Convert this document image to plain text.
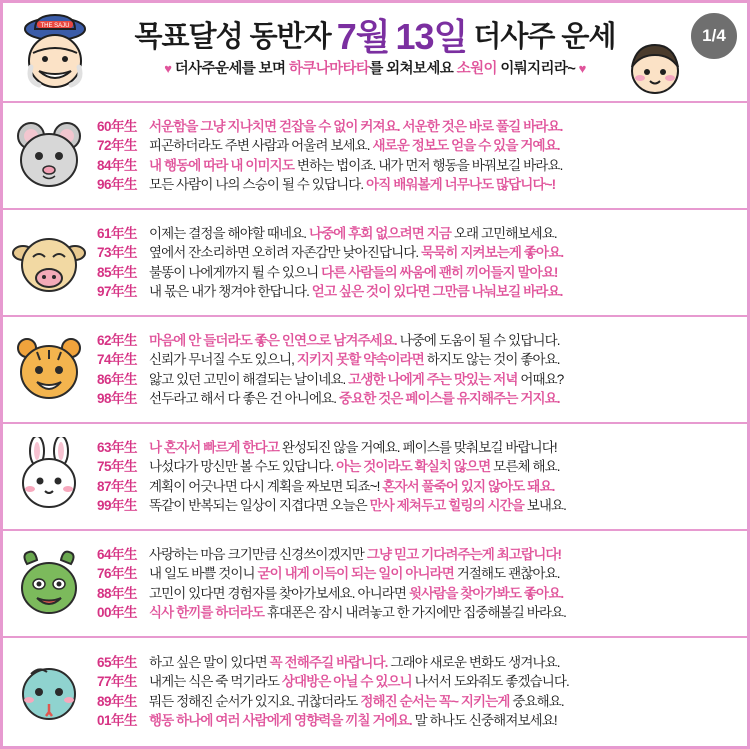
THE SAJU	1/4
목표달성 동반자 7월 13일 더사주 운세
♥ 더사주운세를 보며 하쿠나마타타를 외쳐보세요 소원이 이뤄지리라~ ♥
60年生 서운함을 그냥 지나치면 걷잡을 수 없이 커져요. 서운한 것은 바로 풀길 바라요.
72年生 피곤하더라도 주변 사람과 어울려 보세요. 새로운 정보도 얻을 수 있을 거예요.
84年生 내 행동에 따라 내 이미지도 변하는 법이죠. 내가 먼저 행동을 바꿔보길 바라요.
96年生 모든 사람이 나의 스승이 될 수 있답니다. 아직 배워볼게 너무나도 많답니다~!
61年生 이제는 결정을 해야할 때네요. 나중에 후회 없으려면 지금 오래 고민해보세요.
73年生 옆에서 잔소리하면 오히려 자존감만 낮아진답니다. 묵묵히 지켜보는게 좋아요.
85年生 불똥이 나에게까지 튈 수 있으니 다른 사람들의 싸움에 괜히 끼어들지 말아요!
97年生 내 몫은 내가 챙겨야 한답니다. 얻고 싶은 것이 있다면 그만큼 나눠보길 바라요.
62年生 마음에 안 들더라도 좋은 인연으로 남겨주세요. 나중에 도움이 될 수 있답니다.
74年生 신뢰가 무너질 수도 있으니, 지키지 못할 약속이라면 하지도 않는 것이 좋아요.
86年生 앓고 있던 고민이 해결되는 날이네요. 고생한 나에게 주는 맛있는 저녁 어때요?
98年生 선두라고 해서 다 좋은 건 아니에요. 중요한 것은 페이스를 유지해주는 거지요.
63年生 나 혼자서 빠르게 한다고 완성되진 않을 거예요. 페이스를 맞춰보길 바랍니다!
75年生 나섰다가 망신만 볼 수도 있답니다. 아는 것이라도 확실치 않으면 모른체 해요.
87年生 계획이 어긋나면 다시 계획을 짜보면 되죠~! 혼자서 풀죽어 있지 않아도 돼요.
99年生 똑같이 반복되는 일상이 지겹다면 오늘은 만사 제쳐두고 힐링의 시간을 보내요.
64年生 사랑하는 마음 크기만큼 신경쓰이겠지만 그냥 믿고 기다려주는게 최고랍니다!
76年生 내 일도 바쁠 것이니 굳이 내게 이득이 되는 일이 아니라면 거절해도 괜찮아요.
88年生 고민이 있다면 경험자를 찾아가보세요. 아니라면 윗사람을 찾아가봐도 좋아요.
00年生 식사 한끼를 하더라도 휴대폰은 잠시 내려놓고 한 가지에만 집중해볼길 바라요.
65年生 하고 싶은 말이 있다면 꼭 전해주길 바랍니다. 그래야 새로운 변화도 생겨나요.
77年生 내게는 식은 죽 먹기라도 상대방은 아닐 수 있으니 나서서 도와줘도 좋겠습니다.
89年生 뭐든 정해진 순서가 있지요. 귀찮더라도 정해진 순서는 꼭~ 지키는게 중요해요.
01年生 행동 하나에 여러 사람에게 영향력을 끼칠 거에요. 말 하나도 신중해져보세요!
